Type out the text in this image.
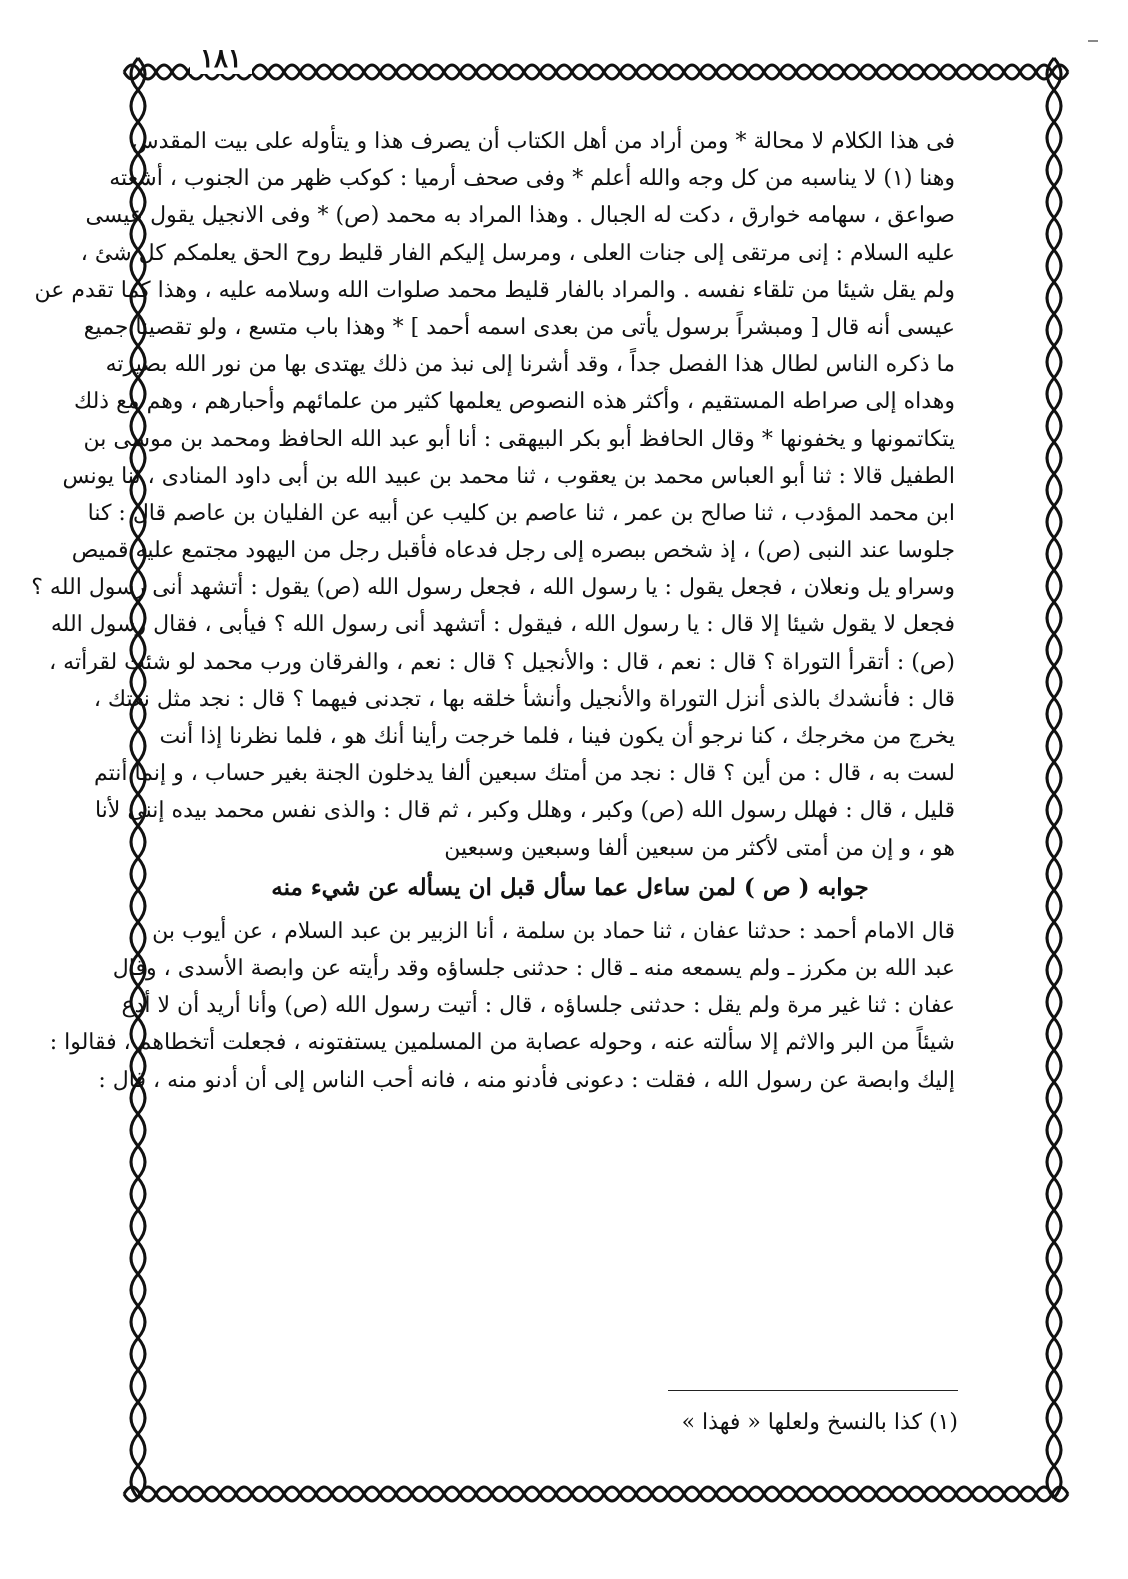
١٨١
فى هذا الكلام لا محالة * ومن أراد من أهل الكتاب أن يصرف هذا و يتأوله على بيت المقدس
وهنا (١) لا يناسبه من كل وجه والله أعلم * وفى صحف أرميا : كوكب ظهر من الجنوب ، أشعته
صواعق ، سهامه خوارق ، دكت له الجبال . وهذا المراد به محمد (ص) * وفى الانجيل يقول عيسى
عليه السلام : إنى مرتقى إلى جنات العلى ، ومرسل إليكم الفار قليط روح الحق يعلمكم كل شئ ،
ولم يقل شيئا من تلقاء نفسه . والمراد بالفار قليط محمد صلوات الله وسلامه عليه ، وهذا كما تقدم عن
عيسى أنه قال [ ومبشراً برسول يأتى من بعدى اسمه أحمد ] * وهذا باب متسع ، ولو تقصينا جميع
ما ذكره الناس لطال هذا الفصل جداً ، وقد أشرنا إلى نبذ من ذلك يهتدى بها من نور الله بصيرته
وهداه إلى صراطه المستقيم ، وأكثر هذه النصوص يعلمها كثير من علمائهم وأحبارهم ، وهم مع ذلك
يتكاتمونها و يخفونها * وقال الحافظ أبو بكر البيهقى : أنا أبو عبد الله الحافظ ومحمد بن موسى بن
الطفيل قالا : ثنا أبو العباس محمد بن يعقوب ، ثنا محمد بن عبيد الله بن أبى داود المنادى ، ثنا يونس
ابن محمد المؤدب ، ثنا صالح بن عمر ، ثنا عاصم بن كليب عن أبيه عن الفليان بن عاصم قال : كنا
جلوسا عند النبى (ص) ، إذ شخص ببصره إلى رجل فدعاه فأقبل رجل من اليهود مجتمع عليه قميص
وسراو يل ونعلان ، فجعل يقول : يا رسول الله ، فجعل رسول الله (ص) يقول : أتشهد أنى رسول الله ؟
فجعل لا يقول شيئا إلا قال : يا رسول الله ، فيقول : أتشهد أنى رسول الله ؟ فيأبى ، فقال رسول الله
(ص) : أتقرأ التوراة ؟ قال : نعم ، قال : والأنجيل ؟ قال : نعم ، والفرقان ورب محمد لو شئت لقرأته ،
قال : فأنشدك بالذى أنزل التوراة والأنجيل وأنشأ خلقه بها ، تجدنى فيهما ؟ قال : نجد مثل نعتك ،
يخرج من مخرجك ، كنا نرجو أن يكون فينا ، فلما خرجت رأينا أنك هو ، فلما نظرنا إذا أنت
لست به ، قال : من أين ؟ قال : نجد من أمتك سبعين ألفا يدخلون الجنة بغير حساب ، و إنما أنتم
قليل ، قال : فهلل رسول الله (ص) وكبر ، وهلل وكبر ، ثم قال : والذى نفس محمد بيده إننى لأنا
هو ، و إن من أمتى لأكثر من سبعين ألفا وسبعين وسبعين
جوابه ( ص ) لمن ساءل عما سأل قبل ان يسأله عن شيء منه
قال الامام أحمد : حدثنا عفان ، ثنا حماد بن سلمة ، أنا الزبير بن عبد السلام ، عن أيوب بن
عبد الله بن مكرز ـ ولم يسمعه منه ـ قال : حدثنى جلساؤه وقد رأيته عن وابصة الأسدى ، وقال
عفان : ثنا غير مرة ولم يقل : حدثنى جلساؤه ، قال : أتيت رسول الله (ص) وأنا أريد أن لا أدع
شيئاً من البر والاثم إلا سألته عنه ، وحوله عصابة من المسلمين يستفتونه ، فجعلت أتخطاهم ، فقالوا :
إليك وابصة عن رسول الله ، فقلت : دعونى فأدنو منه ، فانه أحب الناس إلى أن أدنو منه ، قال :
(١) كذا بالنسخ ولعلها « فهذا »
